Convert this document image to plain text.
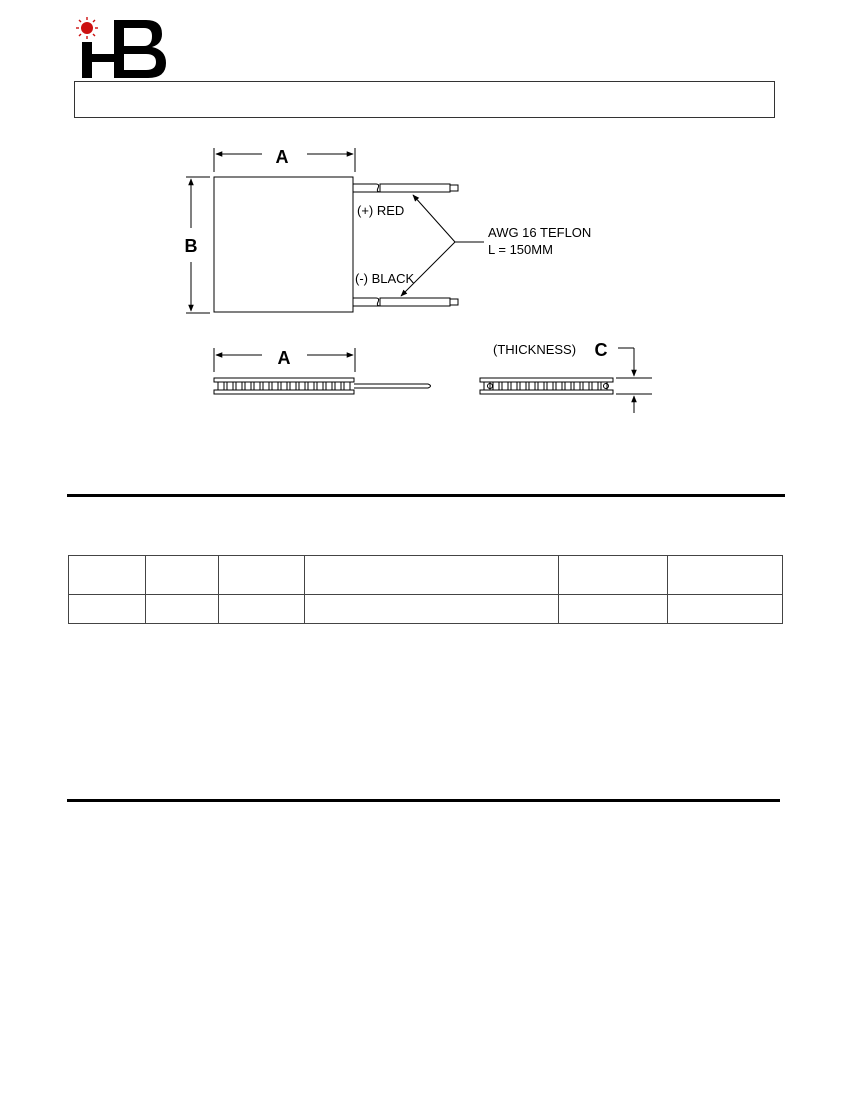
A
B
(+) RED
(-) BLACK
AWG 16 TEFLON
L = 150MM
A	(THICKNESS) C
